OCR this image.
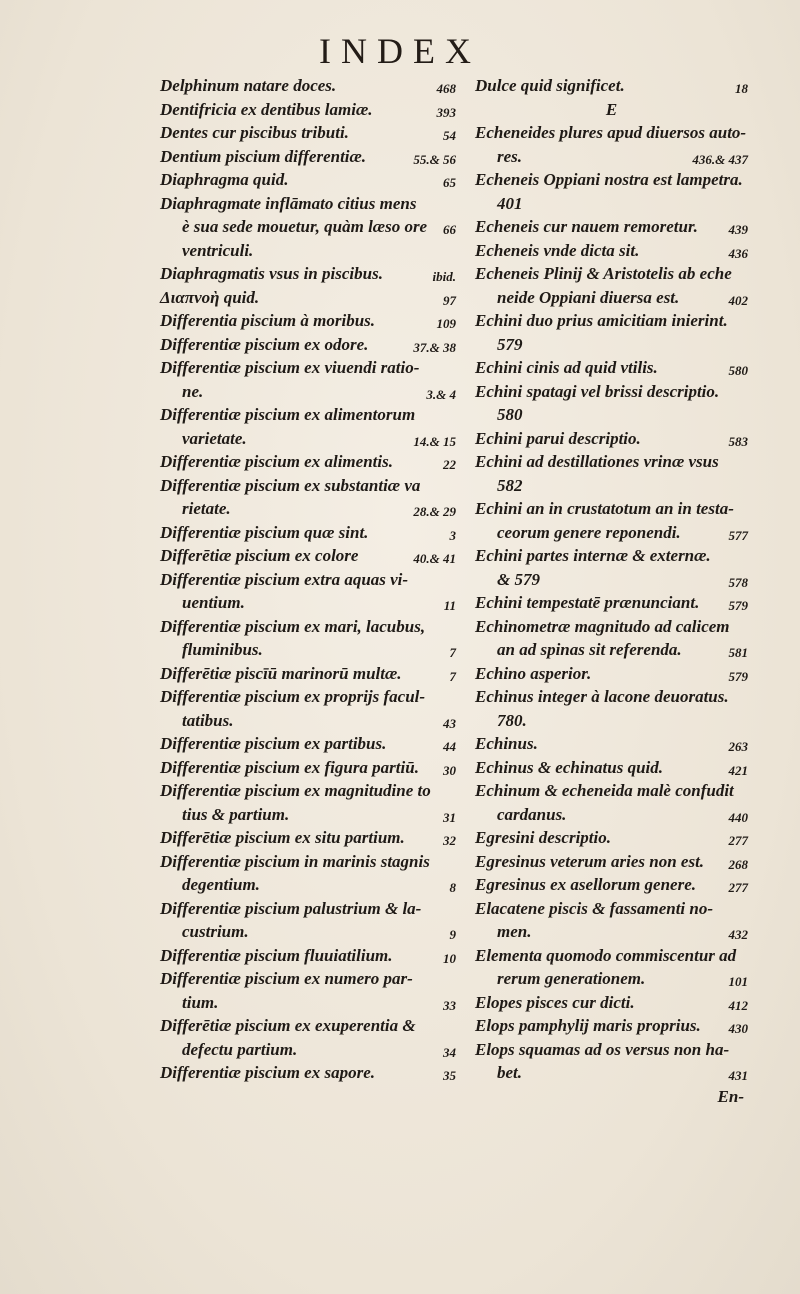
INDEX
468
Delphinum natare doces.
393
Dentifricia ex dentibus lamiæ.
54
Dentes cur piscibus tributi.
55.& 56
Dentium piscium differentiæ.
65
Diaphragma quid.
Diaphragmate inflāmato citius mens
66
è sua sede mouetur, quàm læso ore
ventriculi.
ibid.
Diaphragmatis vsus in piscibus.
97
Διαπνοὴ quid.
109
Differentia piscium à moribus.
37.& 38
Differentiæ piscium ex odore.
Differentiæ piscium ex viuendi ratio-
3.& 4
ne.
Differentiæ piscium ex alimentorum
14.& 15
varietate.
22
Differentiæ piscium ex alimentis.
Differentiæ piscium ex substantiæ va
28.& 29
rietate.
3
Differentiæ piscium quæ sint.
40.& 41
Differētiæ piscium ex colore
Differentiæ piscium extra aquas vi-
11
uentium.
Differentiæ piscium ex mari, lacubus,
7
fluminibus.
7
Differētiæ piscīū marinorū multæ.
Differentiæ piscium ex proprijs facul-
43
tatibus.
44
Differentiæ piscium ex partibus.
30
Differentiæ piscium ex figura partiū.
Differentiæ piscium ex magnitudine to
31
tius & partium.
32
Differētiæ piscium ex situ partium.
Differentiæ piscium in marinis stagnis
8
degentium.
Differentiæ piscium palustrium & la-
9
custrium.
10
Differentiæ piscium fluuiatilium.
Differentiæ piscium ex numero par-
33
tium.
Differētiæ piscium ex exuperentia &
34
defectu partium.
35
Differentiæ piscium ex sapore.
18
Dulce quid significet.
E
Echeneides plures apud diuersos auto-
436.& 437
res.
Echeneis Oppiani nostra est lampetra.
401
439
Echeneis cur nauem remoretur.
436
Echeneis vnde dicta sit.
Echeneis Plinij & Aristotelis ab eche
402
neide Oppiani diuersa est.
Echini duo prius amicitiam inierint.
579
580
Echini cinis ad quid vtilis.
Echini spatagi vel brissi descriptio.
580
583
Echini parui descriptio.
Echini ad destillationes vrinæ vsus
582
Echini an in crustatotum an in testa-
577
ceorum genere reponendi.
Echini partes internæ & externæ.
578
& 579
579
Echini tempestatē prænunciant.
Echinometræ magnitudo ad calicem
581
an ad spinas sit referenda.
579
Echino asperior.
Echinus integer à lacone deuoratus.
780.
263
Echinus.
421
Echinus & echinatus quid.
Echinum & echeneida malè confudit
440
cardanus.
277
Egresini descriptio.
268
Egresinus veterum aries non est.
277
Egresinus ex asellorum genere.
Elacatene piscis & fassamenti no-
432
men.
Elementa quomodo commiscentur ad
101
rerum generationem.
412
Elopes pisces cur dicti.
430
Elops pamphylij maris proprius.
Elops squamas ad os versus non ha-
431
bet.
En-
